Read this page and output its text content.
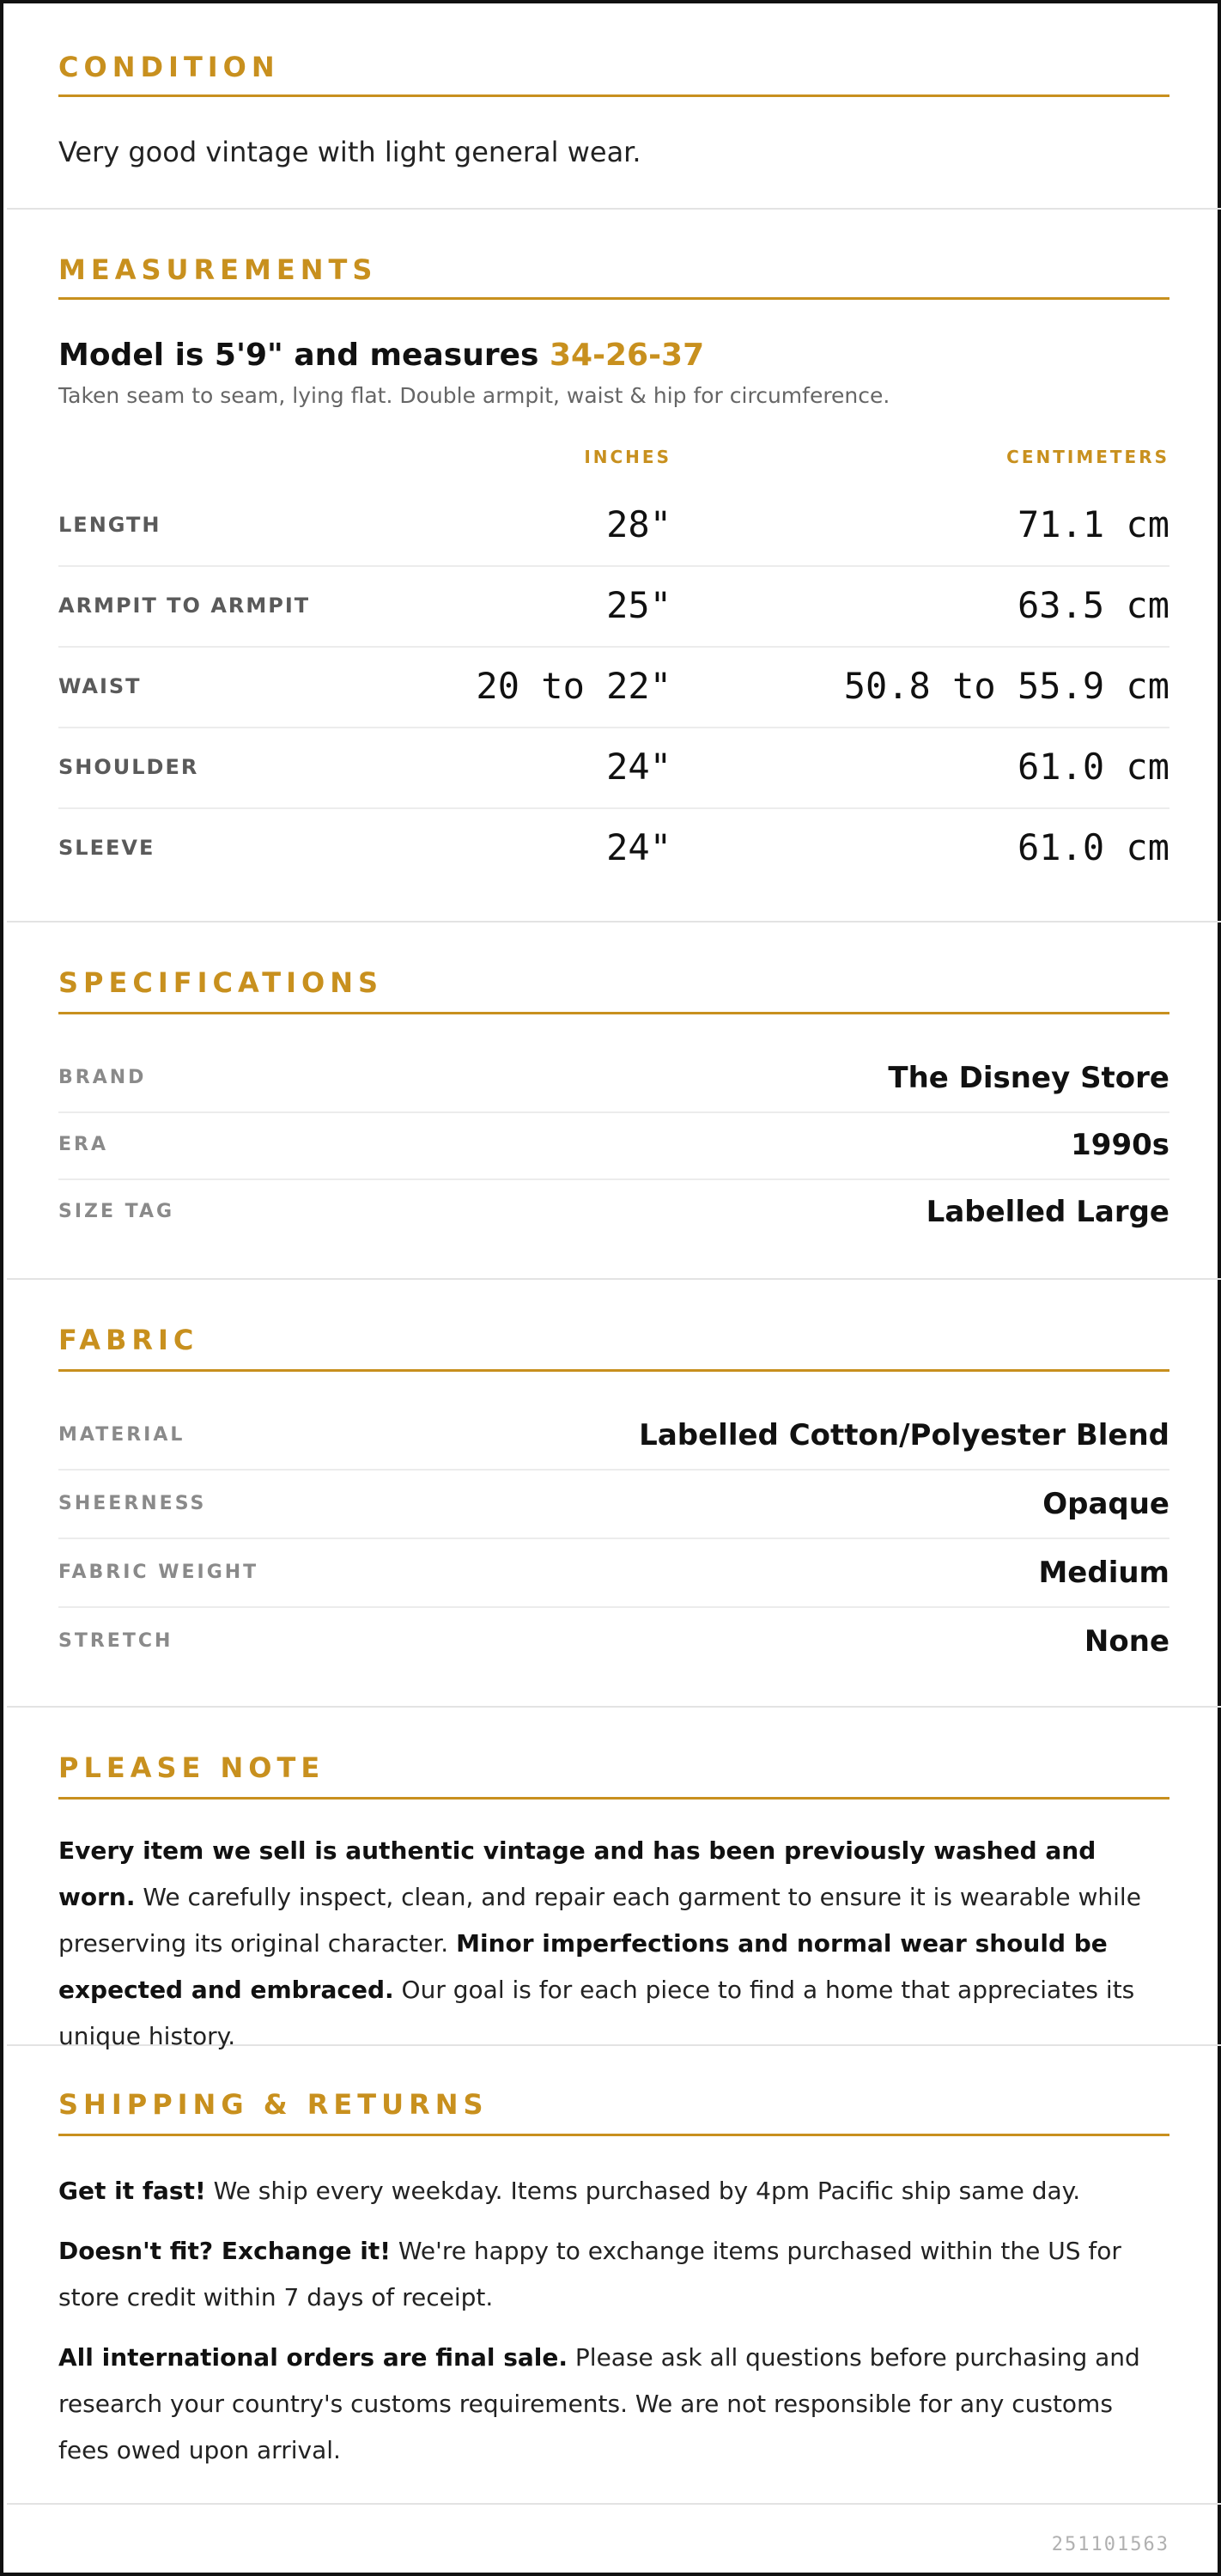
CONDITION
Very good vintage with light general wear.
MEASUREMENTS
Model is 5'9" and measures 34-26-37
Taken seam to seam, lying flat. Double armpit, waist & hip for circumference.
INCHES	CENTIMETERS
LENGTH	28"	71.1 cm
ARMPIT TO ARMPIT	25"	63.5 cm
WAIST	20 to 22"	50.8 to 55.9 cm
SHOULDER	24"	61.0 cm
SLEEVE	24"	61.0 cm
SPECIFICATIONS
BRAND	The Disney Store
ERA	1990s
SIZE TAG	Labelled Large
FABRIC
MATERIAL	Labelled Cotton/Polyester Blend
SHEERNESS	Opaque
FABRIC WEIGHT	Medium
STRETCH	None
PLEASE NOTE
Every item we sell is authentic vintage and has been previously washed and worn. We carefully inspect, clean, and repair each garment to ensure it is wearable while preserving its original character. Minor imperfections and normal wear should be expected and embraced. Our goal is for each piece to find a home that appreciates its unique history.
SHIPPING & RETURNS
Get it fast! We ship every weekday. Items purchased by 4pm Pacific ship same day.
Doesn't fit? Exchange it! We're happy to exchange items purchased within the US for store credit within 7 days of receipt.
All international orders are final sale. Please ask all questions before purchasing and research your country's customs requirements. We are not responsible for any customs fees owed upon arrival.
251101563
